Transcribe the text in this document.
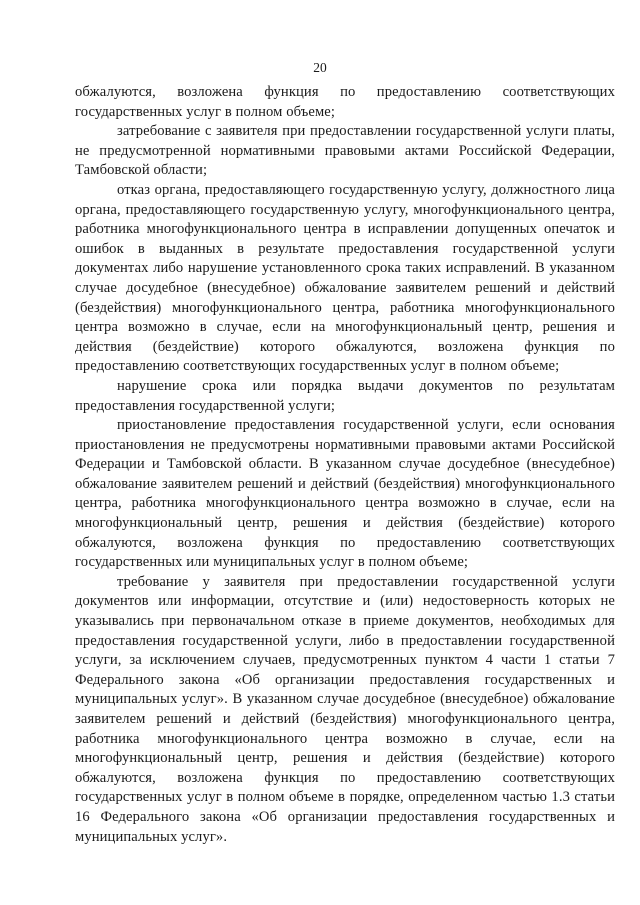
20

обжалуются, возложена функция по предоставлению соответствующих государственных услуг в полном объеме;

затребование с заявителя при предоставлении государственной услуги платы, не предусмотренной нормативными правовыми актами Российской Федерации, Тамбовской области;

отказ органа, предоставляющего государственную услугу, должностного лица органа, предоставляющего государственную услугу, многофункционального центра, работника многофункционального центра в исправлении допущенных опечаток и ошибок в выданных в результате предоставления государственной услуги документах либо нарушение установленного срока таких исправлений. В указанном случае досудебное (внесудебное) обжалование заявителем решений и действий (бездействия) многофункционального центра, работника многофункционального центра возможно в случае, если на многофункциональный центр, решения и действия (бездействие) которого обжалуются, возложена функция по предоставлению соответствующих государственных услуг в полном объеме;

нарушение срока или порядка выдачи документов по результатам предоставления государственной услуги;

приостановление предоставления государственной услуги, если основания приостановления не предусмотрены нормативными правовыми актами Российской Федерации и Тамбовской области. В указанном случае досудебное (внесудебное) обжалование заявителем решений и действий (бездействия) многофункционального центра, работника многофункционального центра возможно в случае, если на многофункциональный центр, решения и действия (бездействие) которого обжалуются, возложена функция по предоставлению соответствующих государственных или муниципальных услуг в полном объеме;

требование у заявителя при предоставлении государственной услуги документов или информации, отсутствие и (или) недостоверность которых не указывались при первоначальном отказе в приеме документов, необходимых для предоставления государственной услуги, либо в предоставлении государственной услуги, за исключением случаев, предусмотренных пунктом 4 части 1 статьи 7 Федерального закона «Об организации предоставления государственных и муниципальных услуг». В указанном случае досудебное (внесудебное) обжалование заявителем решений и действий (бездействия) многофункционального центра, работника многофункционального центра возможно в случае, если на многофункциональный центр, решения и действия (бездействие) которого обжалуются, возложена функция по предоставлению соответствующих государственных услуг в полном объеме в порядке, определенном частью 1.3 статьи 16 Федерального закона «Об организации предоставления государственных и муниципальных услуг».
